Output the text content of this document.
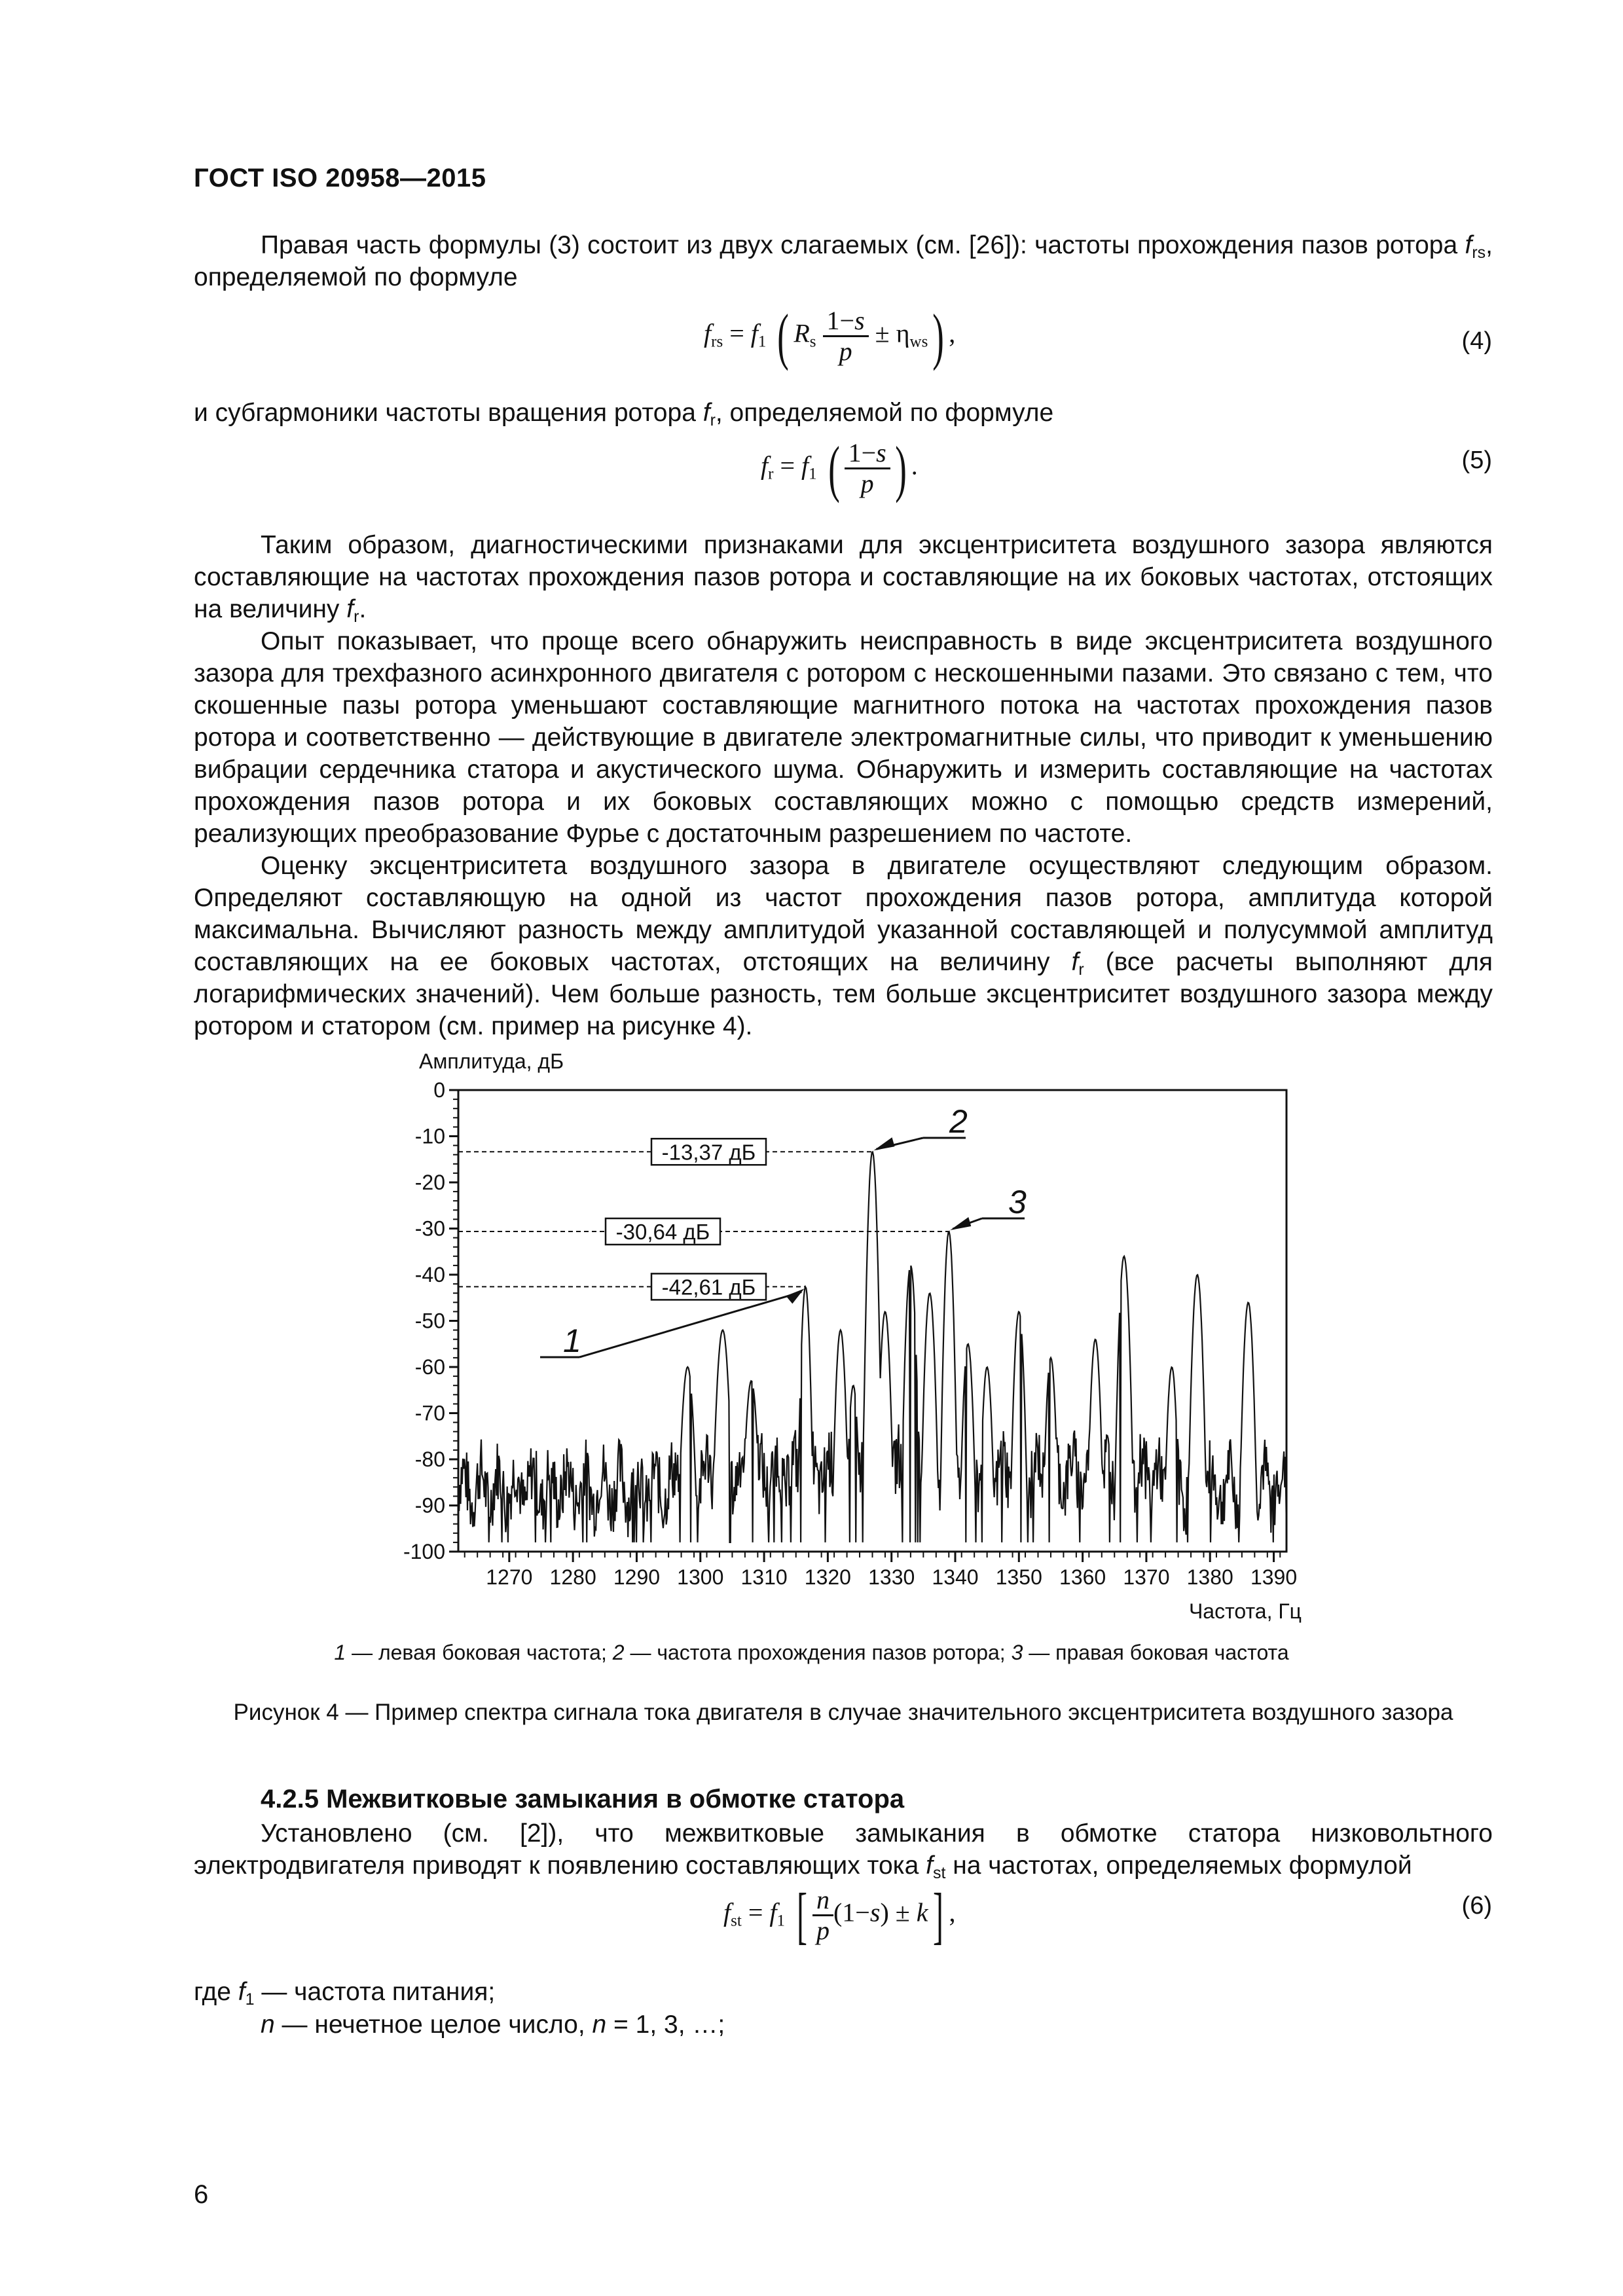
ГОСТ ISO 20958—2015
Правая часть формулы (3) состоит из двух слагаемых (см. [26]): частоты прохождения пазов ротора $f_{rs}$, определяемой по формуле
$f_{rs} = f_1$ ( $R_s \frac{1-s}{p} \pm \eta_{ws}$) ,	(4)
и субгармоники частоты вращения ротора $f_r$, определяемой по формуле
$f_r = f_1$ ( $\frac{1-s}{p}$ ) .	(5)
Таким образом, диагностическими признаками для эксцентриситета воздушного зазора являются составляющие на частотах прохождения пазов ротора и составляющие на их боковых частотах, отстоящих на величину $f_r$.
Опыт показывает, что проще всего обнаружить неисправность в виде эксцентриситета воздушного зазора для трехфазного асинхронного двигателя с ротором с нескошенными пазами. Это связано с тем, что скошенные пазы ротора уменьшают составляющие магнитного потока на частотах прохождения пазов ротора и соответственно — действующие в двигателе электромагнитные силы, что приводит к уменьшению вибрации сердечника статора и акустического шума. Обнаружить и измерить составляющие на частотах прохождения пазов ротора и их боковых составляющих можно с помощью средств измерений, реализующих преобразование Фурье с достаточным разрешением по частоте.
Оценку эксцентриситета воздушного зазора в двигателе осуществляют следующим образом. Определяют составляющую на одной из частот прохождения пазов ротора, амплитуда которой максимальна. Вычисляют разность между амплитудой указанной составляющей и полусуммой амплитуд составляющих на ее боковых частотах, отстоящих на величину $f_r$ (все расчеты выполняют для логарифмических значений). Чем больше разность, тем больше эксцентриситет воздушного зазора между ротором и статором (см. пример на рисунке 4).
Амплитуда, дБ
0
-10
-20
-30
-40
-50
-60
-70
-80
-90
-100
1270 1280 1290 1300 1310 1320 1330 1340 1350 1360 1370 1380 1390
-42,61 дБ
1
-13,37 дБ
2
-30,64 дБ
3
Частота, Гц
1 — левая боковая частота; 2 — частота прохождения пазов ротора; 3 — правая боковая частота
Рисунок 4 — Пример спектра сигнала тока двигателя в случае значительного эксцентриситета воздушного зазора
4.2.5 Межвитковые замыкания в обмотке статора
Установлено (см. [2]), что межвитковые замыкания в обмотке статора низковольтного электродвигателя приводят к появлению составляющих тока $f_{st}$ на частотах, определяемых формулой
$f_{st} = f_1$ [ $\frac{n}{p} (1-s) \pm k$] ,	(6)
где $f_1$ — частота питания;
n — нечетное целое число, n = 1, 3, …;
6
